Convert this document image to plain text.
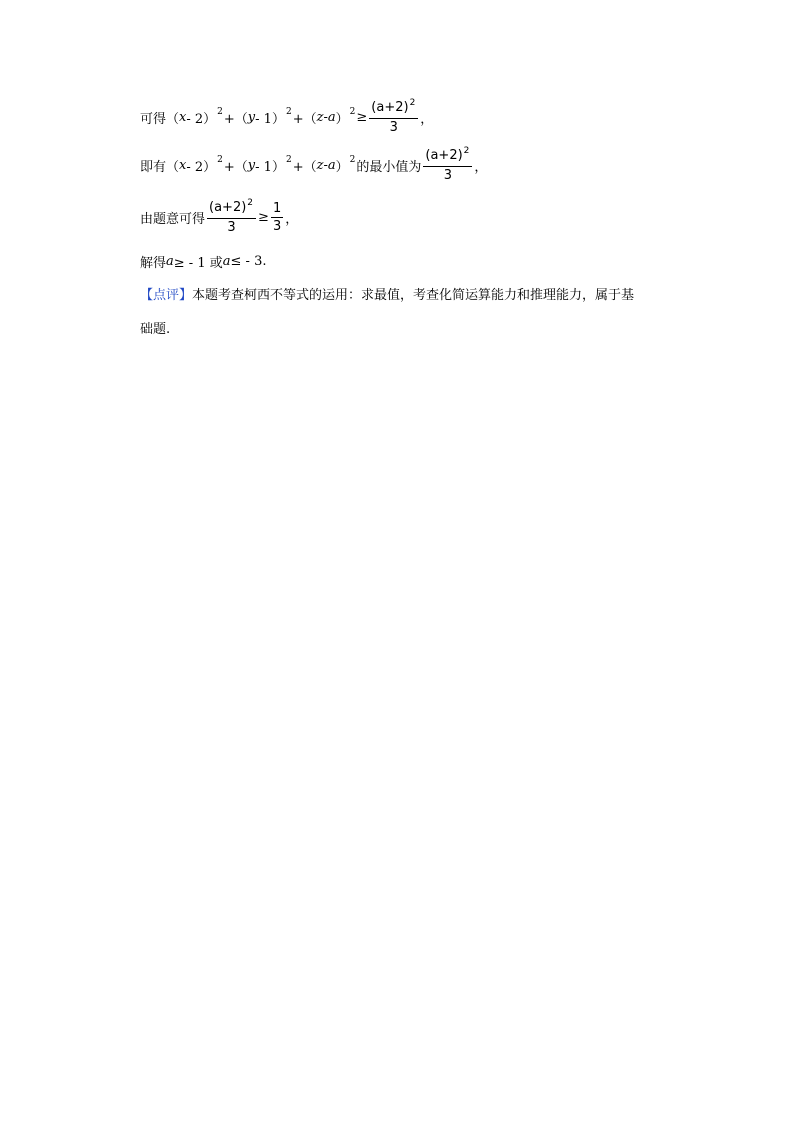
可得（ x - 2）
2
+（ y - 1）
2
+（ z - a ）
$2 \ge \frac{(a+2)^2}{3}$ ，
即有（ x - 2）
2
+（ y - 1）
2
+（ z - a ）
2
的最小值为 $\frac{(a+2)^2}{3}$ ，
由题意可得 $\frac{(a+2)^2}{3} \ge \frac{1}{3}$ ，
解得 a ≥ - 1 或 a ≤ - 3.
【点评】 本题考查柯西不等式的运用：求最值，考查化简运算能力和推理能力，属于基
础题.
